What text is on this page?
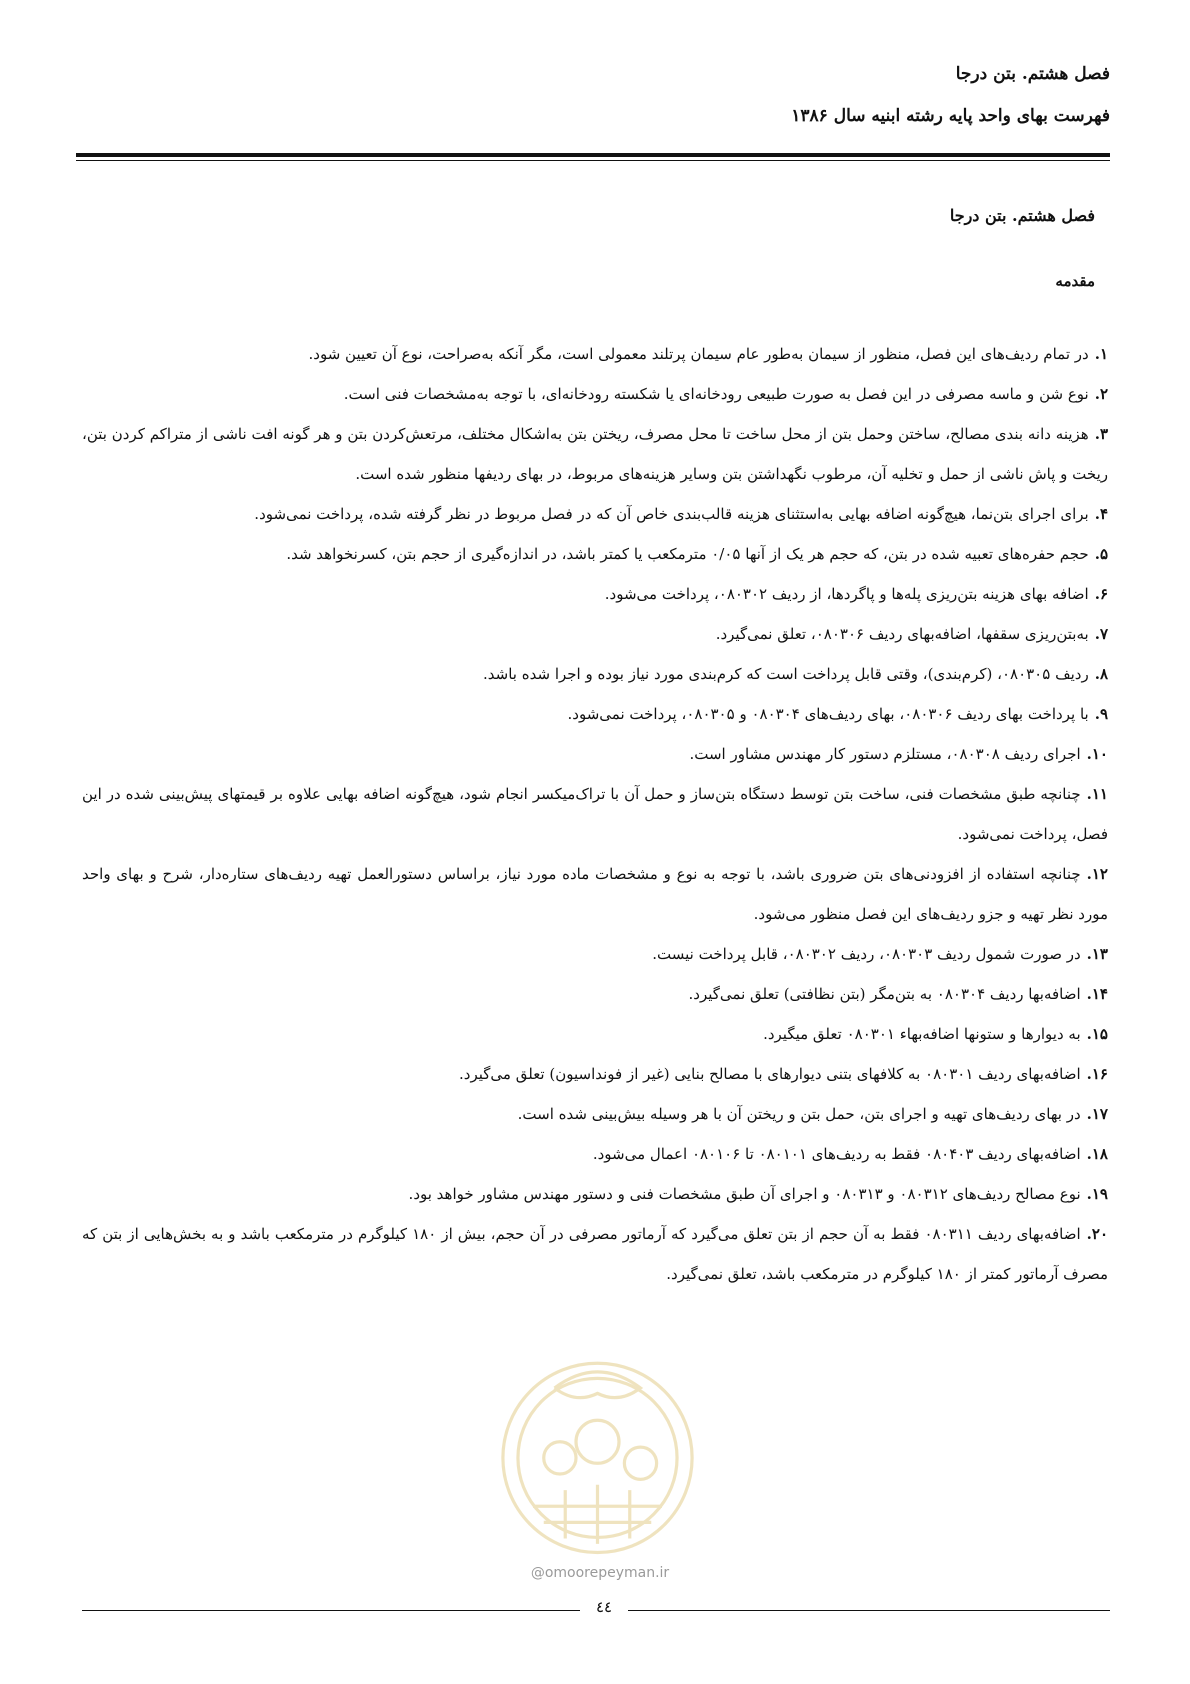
فصل هشتم. بتن درجا
فهرست بهای واحد پایه رشته ابنیه سال ۱۳۸۶
فصل هشتم. بتن درجا
مقدمه
۱.در تمام ردیف‌های این فصل، منظور از سیمان به‌طور عام سیمان پرتلند معمولی است، مگر آنکه به‌صراحت، نوع آن تعیین شود.
۲.نوع شن و ماسه مصرفی در این فصل به صورت طبیعی رودخانه‌ای یا شکسته رودخانه‌ای، با توجه به‌مشخصات فنی است.
۳.هزینه دانه بندی مصالح، ساختن وحمل بتن از محل ساخت تا محل مصرف، ریختن بتن به‌اشکال مختلف، مرتعش‌کردن بتن و هر گونه افت ناشی از متراکم کردن بتن، ریخت و پاش ناشی از حمل و تخلیه آن، مرطوب نگهداشتن بتن وسایر هزینه‌های مربوط، در بهای ردیفها منظور شده است.
۴.برای اجرای بتن‌نما، هیچ‌گونه اضافه بهایی به‌استثنای هزینه قالب‌بندی خاص آن که در فصل مربوط در نظر گرفته شده، پرداخت نمی‌شود.
۵.حجم حفره‌های تعبیه شده در بتن، که حجم هر یک از آنها ۰/۰۵ مترمکعب یا کمتر باشد، در اندازه‌گیری از حجم بتن، کسرنخواهد شد.
۶.اضافه بهای هزینه بتن‌ریزی پله‌ها و پاگردها، از ردیف ۰۸۰۳۰۲، پرداخت می‌شود.
۷.به‌بتن‌ریزی سقفها، اضافه‌بهای ردیف ۰۸۰۳۰۶، تعلق نمی‌گیرد.
۸.ردیف ۰۸۰۳۰۵، (کرم‌بندی)، وقتی قابل پرداخت است که کرم‌بندی مورد نیاز بوده و اجرا شده باشد.
۹.با پرداخت بهای ردیف ۰۸۰۳۰۶، بهای ردیف‌های ۰۸۰۳۰۴ و ۰۸۰۳۰۵، پرداخت نمی‌شود.
۱۰.اجرای ردیف ۰۸۰۳۰۸، مستلزم دستور کار مهندس مشاور است.
۱۱.چنانچه طبق مشخصات فنی، ساخت بتن توسط دستگاه بتن‌ساز و حمل آن با تراک‌میکسر انجام شود، هیچ‌گونه اضافه بهایی علاوه بر قیمتهای پیش‌بینی شده در این فصل، پرداخت نمی‌شود.
۱۲.چنانچه استفاده از افزودنی‌های بتن ضروری باشد، با توجه به نوع و مشخصات ماده مورد نیاز، براساس دستورالعمل تهیه ردیف‌های ستاره‌دار، شرح و بهای واحد مورد نظر تهیه و جزو ردیف‌های این فصل منظور می‌شود.
۱۳.در صورت شمول ردیف ۰۸۰۳۰۳، ردیف ۰۸۰۳۰۲، قابل پرداخت نیست.
۱۴.اضافه‌بها ردیف ۰۸۰۳۰۴ به بتن‌مگر (بتن نظافتی) تعلق نمی‌گیرد.
۱۵.به دیوارها و ستونها اضافه‌بهاء ۰۸۰۳۰۱ تعلق میگیرد.
۱۶.اضافه‌بهای ردیف ۰۸۰۳۰۱ به کلافهای بتنی دیوارهای با مصالح بنایی (غیر از فونداسیون) تعلق می‌گیرد.
۱۷.در بهای ردیف‌های تهیه و اجرای بتن، حمل بتن و ریختن آن با هر وسیله بیش‌بینی شده است.
۱۸.اضافه‌بهای ردیف ۰۸۰۴۰۳ فقط به ردیف‌های ۰۸۰۱۰۱ تا ۰۸۰۱۰۶ اعمال می‌شود.
۱۹.نوع مصالح ردیف‌های ۰۸۰۳۱۲ و ۰۸۰۳۱۳ و اجرای آن طبق مشخصات فنی و دستور مهندس مشاور خواهد بود.
۲۰.اضافه‌بهای ردیف ۰۸۰۳۱۱ فقط به آن حجم از بتن تعلق می‌گیرد که آرماتور مصرفی در آن حجم، بیش از ۱۸۰ کیلوگرم در مترمکعب باشد و به بخش‌هایی از بتن که مصرف آرماتور کمتر از ۱۸۰ کیلوگرم در مترمکعب باشد، تعلق نمی‌گیرد.
@omoorepeyman.ir
٤٤
